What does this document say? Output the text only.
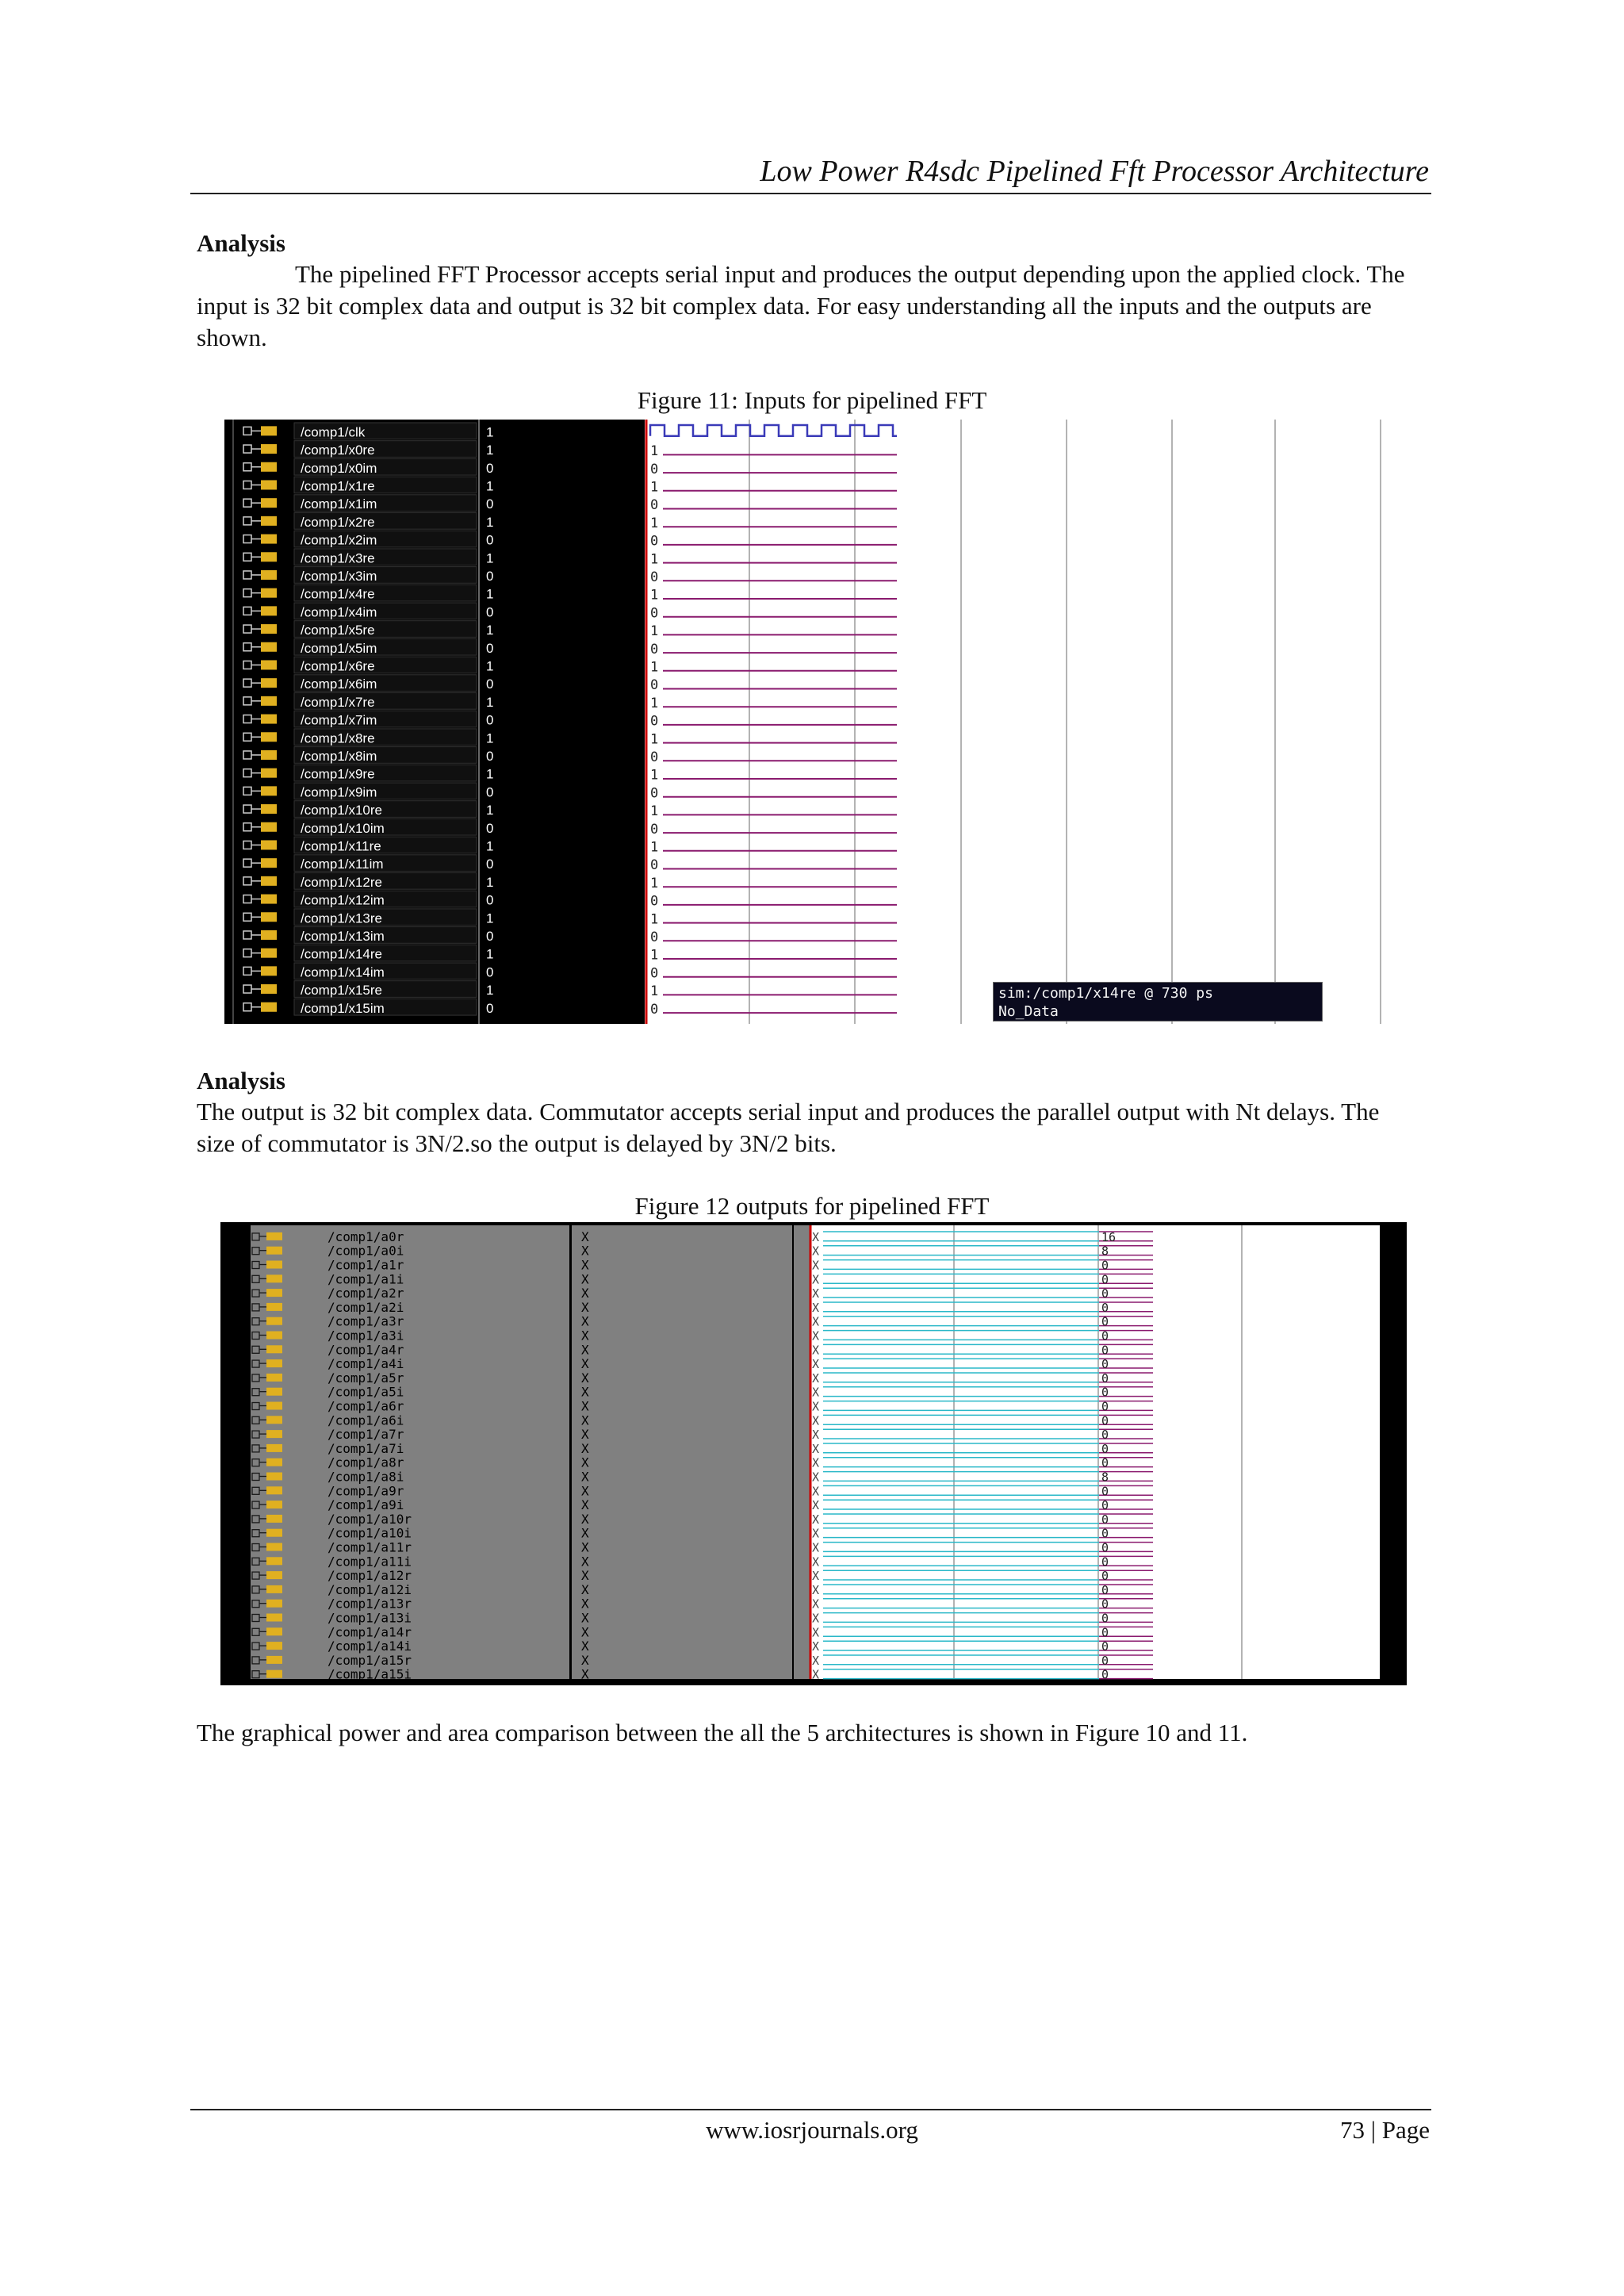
Low Power R4sdc Pipelined Fft Processor Architecture
Analysis
The pipelined FFT Processor accepts serial input and produces the output depending upon the applied clock. The input is 32 bit complex data and output is 32 bit complex data. For easy understanding all the inputs and the outputs are shown.
Figure 11: Inputs for pipelined FFT
/comp1/clk	1
/comp1/x0re	1	1
/comp1/x0im	0	0
/comp1/x1re	1	1
/comp1/x1im	0	0
/comp1/x2re	1	1
/comp1/x2im	0	0
/comp1/x3re	1	1
/comp1/x3im	0	0
/comp1/x4re	1	1
/comp1/x4im	0	0
/comp1/x5re	1	1
/comp1/x5im	0	0
/comp1/x6re	1	1
/comp1/x6im	0	0
/comp1/x7re	1	1
/comp1/x7im	0	0
/comp1/x8re	1	1
/comp1/x8im	0	0
/comp1/x9re	1	1
/comp1/x9im	0	0
/comp1/x10re	1	1
/comp1/x10im	0	0
/comp1/x11re	1	1
/comp1/x11im	0	0
/comp1/x12re	1	1
/comp1/x12im	0	0
/comp1/x13re	1	1
/comp1/x13im	0	0
/comp1/x14re	1	1
/comp1/x14im	0	0
/comp1/x15re	1	1
/comp1/x15im	0	0
sim:/comp1/x14re @ 730 ps
No_Data
Analysis
The output is 32 bit complex data. Commutator accepts serial input and produces the parallel output with Nt delays. The size of commutator is 3N/2.so the output is delayed by 3N/2 bits.
Figure 12 outputs for pipelined FFT
/comp1/a0r	X	X	16
/comp1/a0i	X	X	8
/comp1/a1r	X	X	0
/comp1/a1i	X	X	0
/comp1/a2r	X	X	0
/comp1/a2i	X	X	0
/comp1/a3r	X	X	0
/comp1/a3i	X	X	0
/comp1/a4r	X	X	0
/comp1/a4i	X	X	0
/comp1/a5r	X	X	0
/comp1/a5i	X	X	0
/comp1/a6r	X	X	0
/comp1/a6i	X	X	0
/comp1/a7r	X	X	0
/comp1/a7i	X	X	0
/comp1/a8r	X	X	0
/comp1/a8i	X	X	8
/comp1/a9r	X	X	0
/comp1/a9i	X	X	0
/comp1/a10r	X	X	0
/comp1/a10i	X	X	0
/comp1/a11r	X	X	0
/comp1/a11i	X	X	0
/comp1/a12r	X	X	0
/comp1/a12i	X	X	0
/comp1/a13r	X	X	0
/comp1/a13i	X	X	0
/comp1/a14r	X	X	0
/comp1/a14i	X	X	0
/comp1/a15r	X	X	0
/comp1/a15i	X	X	0
The graphical power and area comparison between the all the 5 architectures is shown in Figure 10 and 11.
www.iosrjournals.org	73 | Page
